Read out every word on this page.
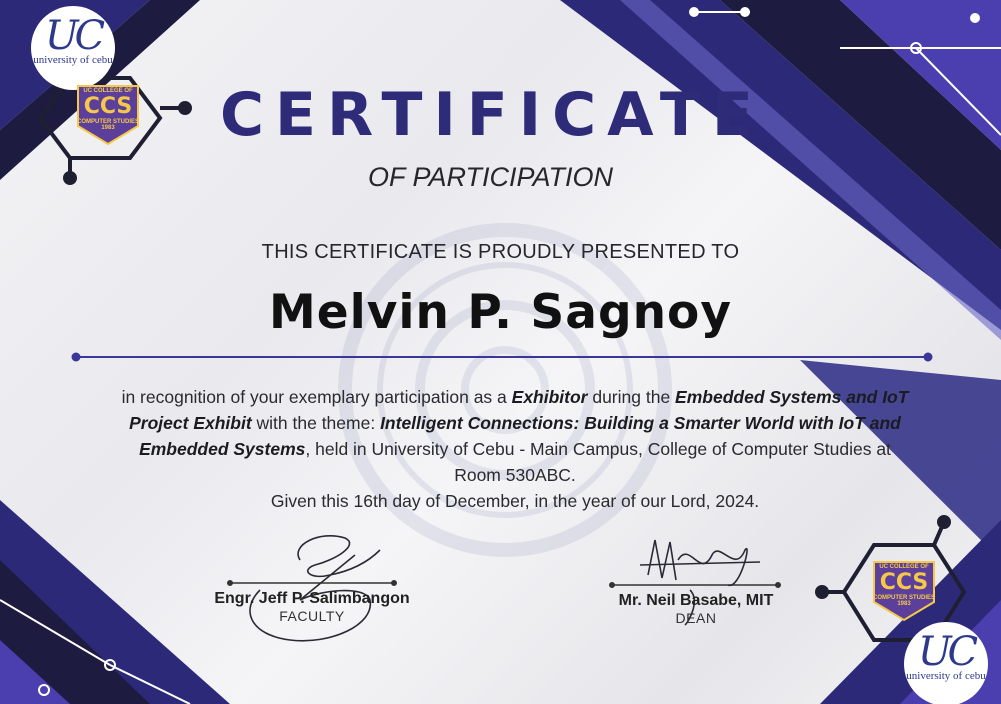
UC
university of cebu
UC COLLEGE OF
CCS
COMPUTER STUDIES
1983
UC COLLEGE OF
CCS
COMPUTER STUDIES
1983
UC
university of cebu
CERTIFICATE
OF PARTICIPATION
THIS CERTIFICATE IS PROUDLY PRESENTED TO
Melvin P. Sagnoy
in recognition of your exemplary participation as a Exhibitor during the Embedded Systems and IoT Project Exhibit with the theme: Intelligent Connections: Building a Smarter World with IoT and Embedded Systems, held in University of Cebu - Main Campus, College of Computer Studies at Room 530ABC.
Given this 16th day of December, in the year of our Lord, 2024.
Engr. Jeff P. Salimbangon
FACULTY
Mr. Neil Basabe, MIT
DEAN
